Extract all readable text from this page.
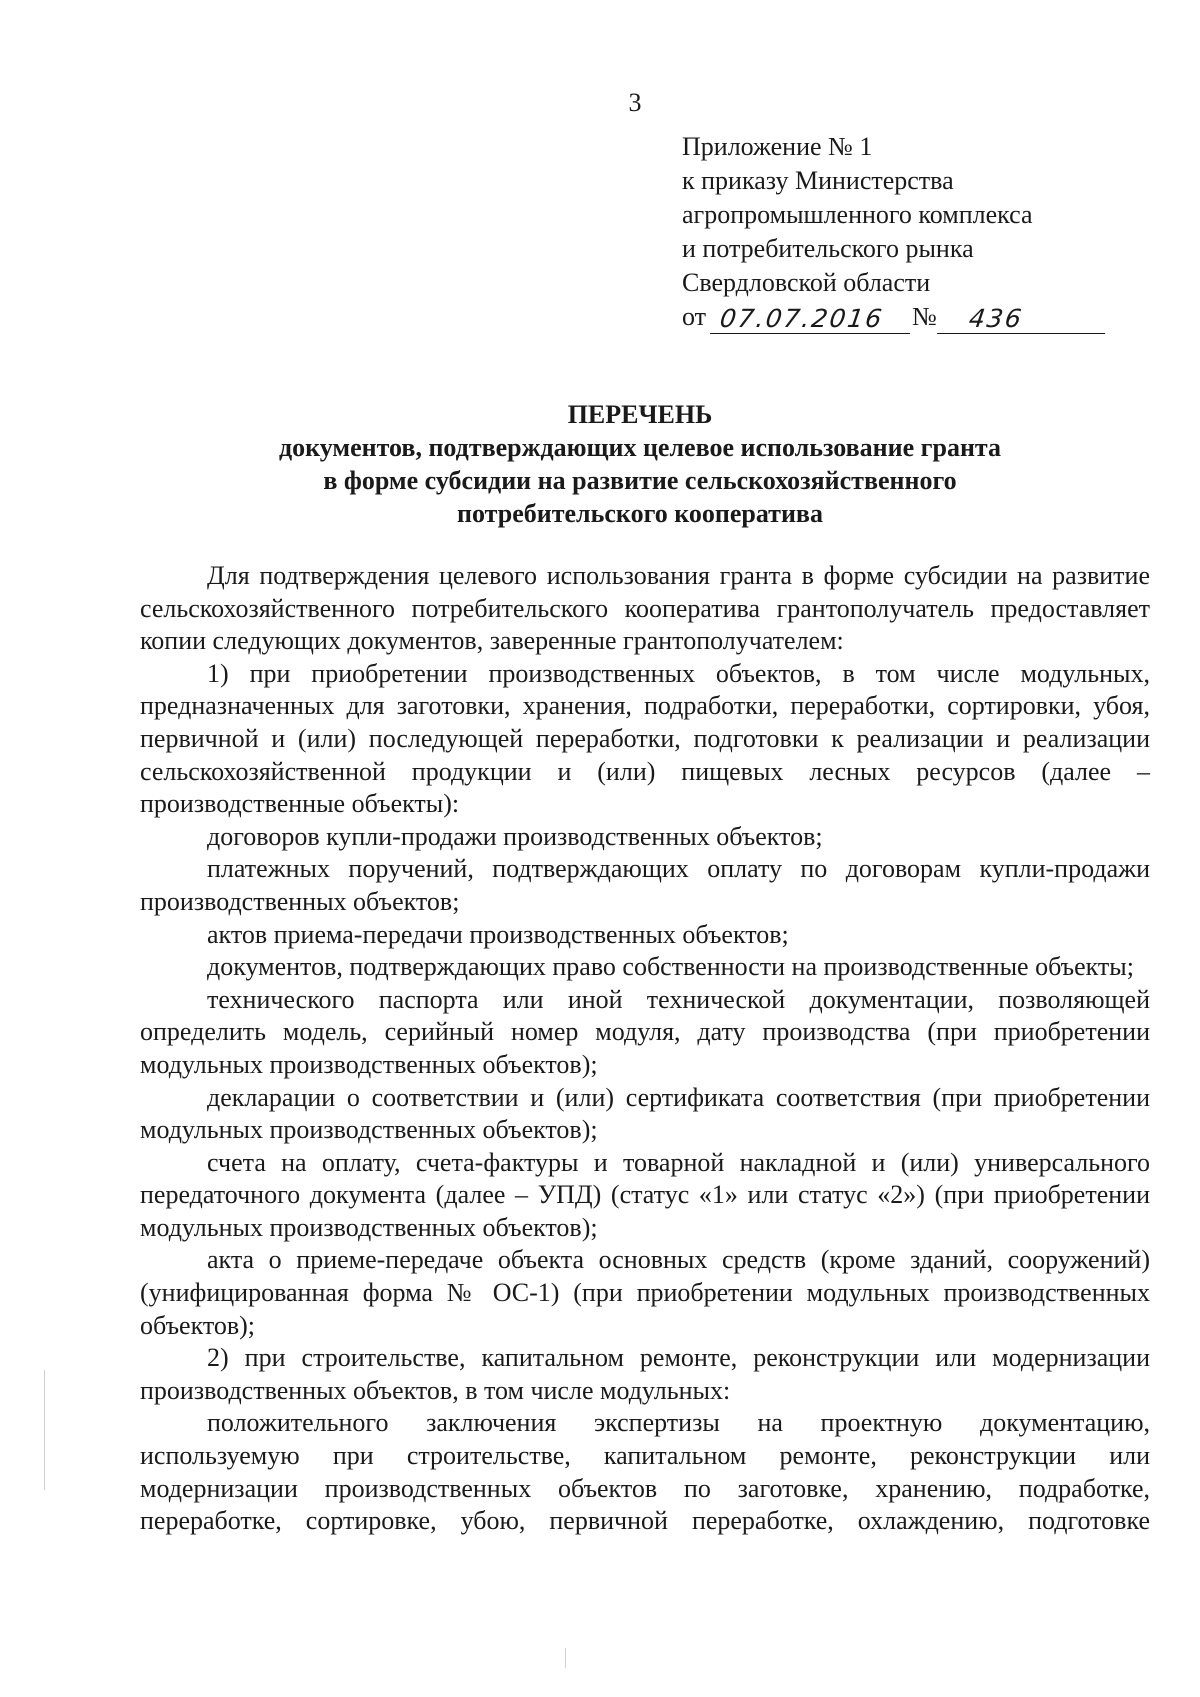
3
Приложение № 1
к приказу Министерства
агропромышленного комплекса
и потребительского рынка
Свердловской области
от 07.07.2016	№	436
ПЕРЕЧЕНЬ
документов, подтверждающих целевое использование гранта
в форме субсидии на развитие сельскохозяйственного
потребительского кооператива

Для подтверждения целевого использования гранта в форме субсидии на развитие сельскохозяйственного потребительского кооператива грантополучатель предоставляет копии следующих документов, заверенные грантополучателем:

1) при приобретении производственных объектов, в том числе модульных, предназначенных для заготовки, хранения, подработки, переработки, сортировки, убоя, первичной и (или) последующей переработки, подготовки к реализации и реализации сельскохозяйственной продукции и (или) пищевых лесных ресурсов (далее – производственные объекты):

договоров купли-продажи производственных объектов;

платежных поручений, подтверждающих оплату по договорам купли-продажи производственных объектов;

актов приема-передачи производственных объектов;

документов, подтверждающих право собственности на производственные объекты;

технического паспорта или иной технической документации, позволяющей определить модель, серийный номер модуля, дату производства (при приобретении модульных производственных объектов);

декларации о соответствии и (или) сертификата соответствия (при приобретении модульных производственных объектов);

счета на оплату, счета-фактуры и товарной накладной и (или) универсального передаточного документа (далее – УПД) (статус «1» или статус «2») (при приобретении модульных производственных объектов);

акта о приеме-передаче объекта основных средств (кроме зданий, сооружений) (унифицированная форма № ОС-1) (при приобретении модульных производственных объектов);

2) при строительстве, капитальном ремонте, реконструкции или модернизации производственных объектов, в том числе модульных:

положительного заключения экспертизы на проектную документацию, используемую при строительстве, капитальном ремонте, реконструкции или модернизации производственных объектов по заготовке, хранению, подработке, переработке, сортировке, убою, первичной переработке, охлаждению, подготовке
